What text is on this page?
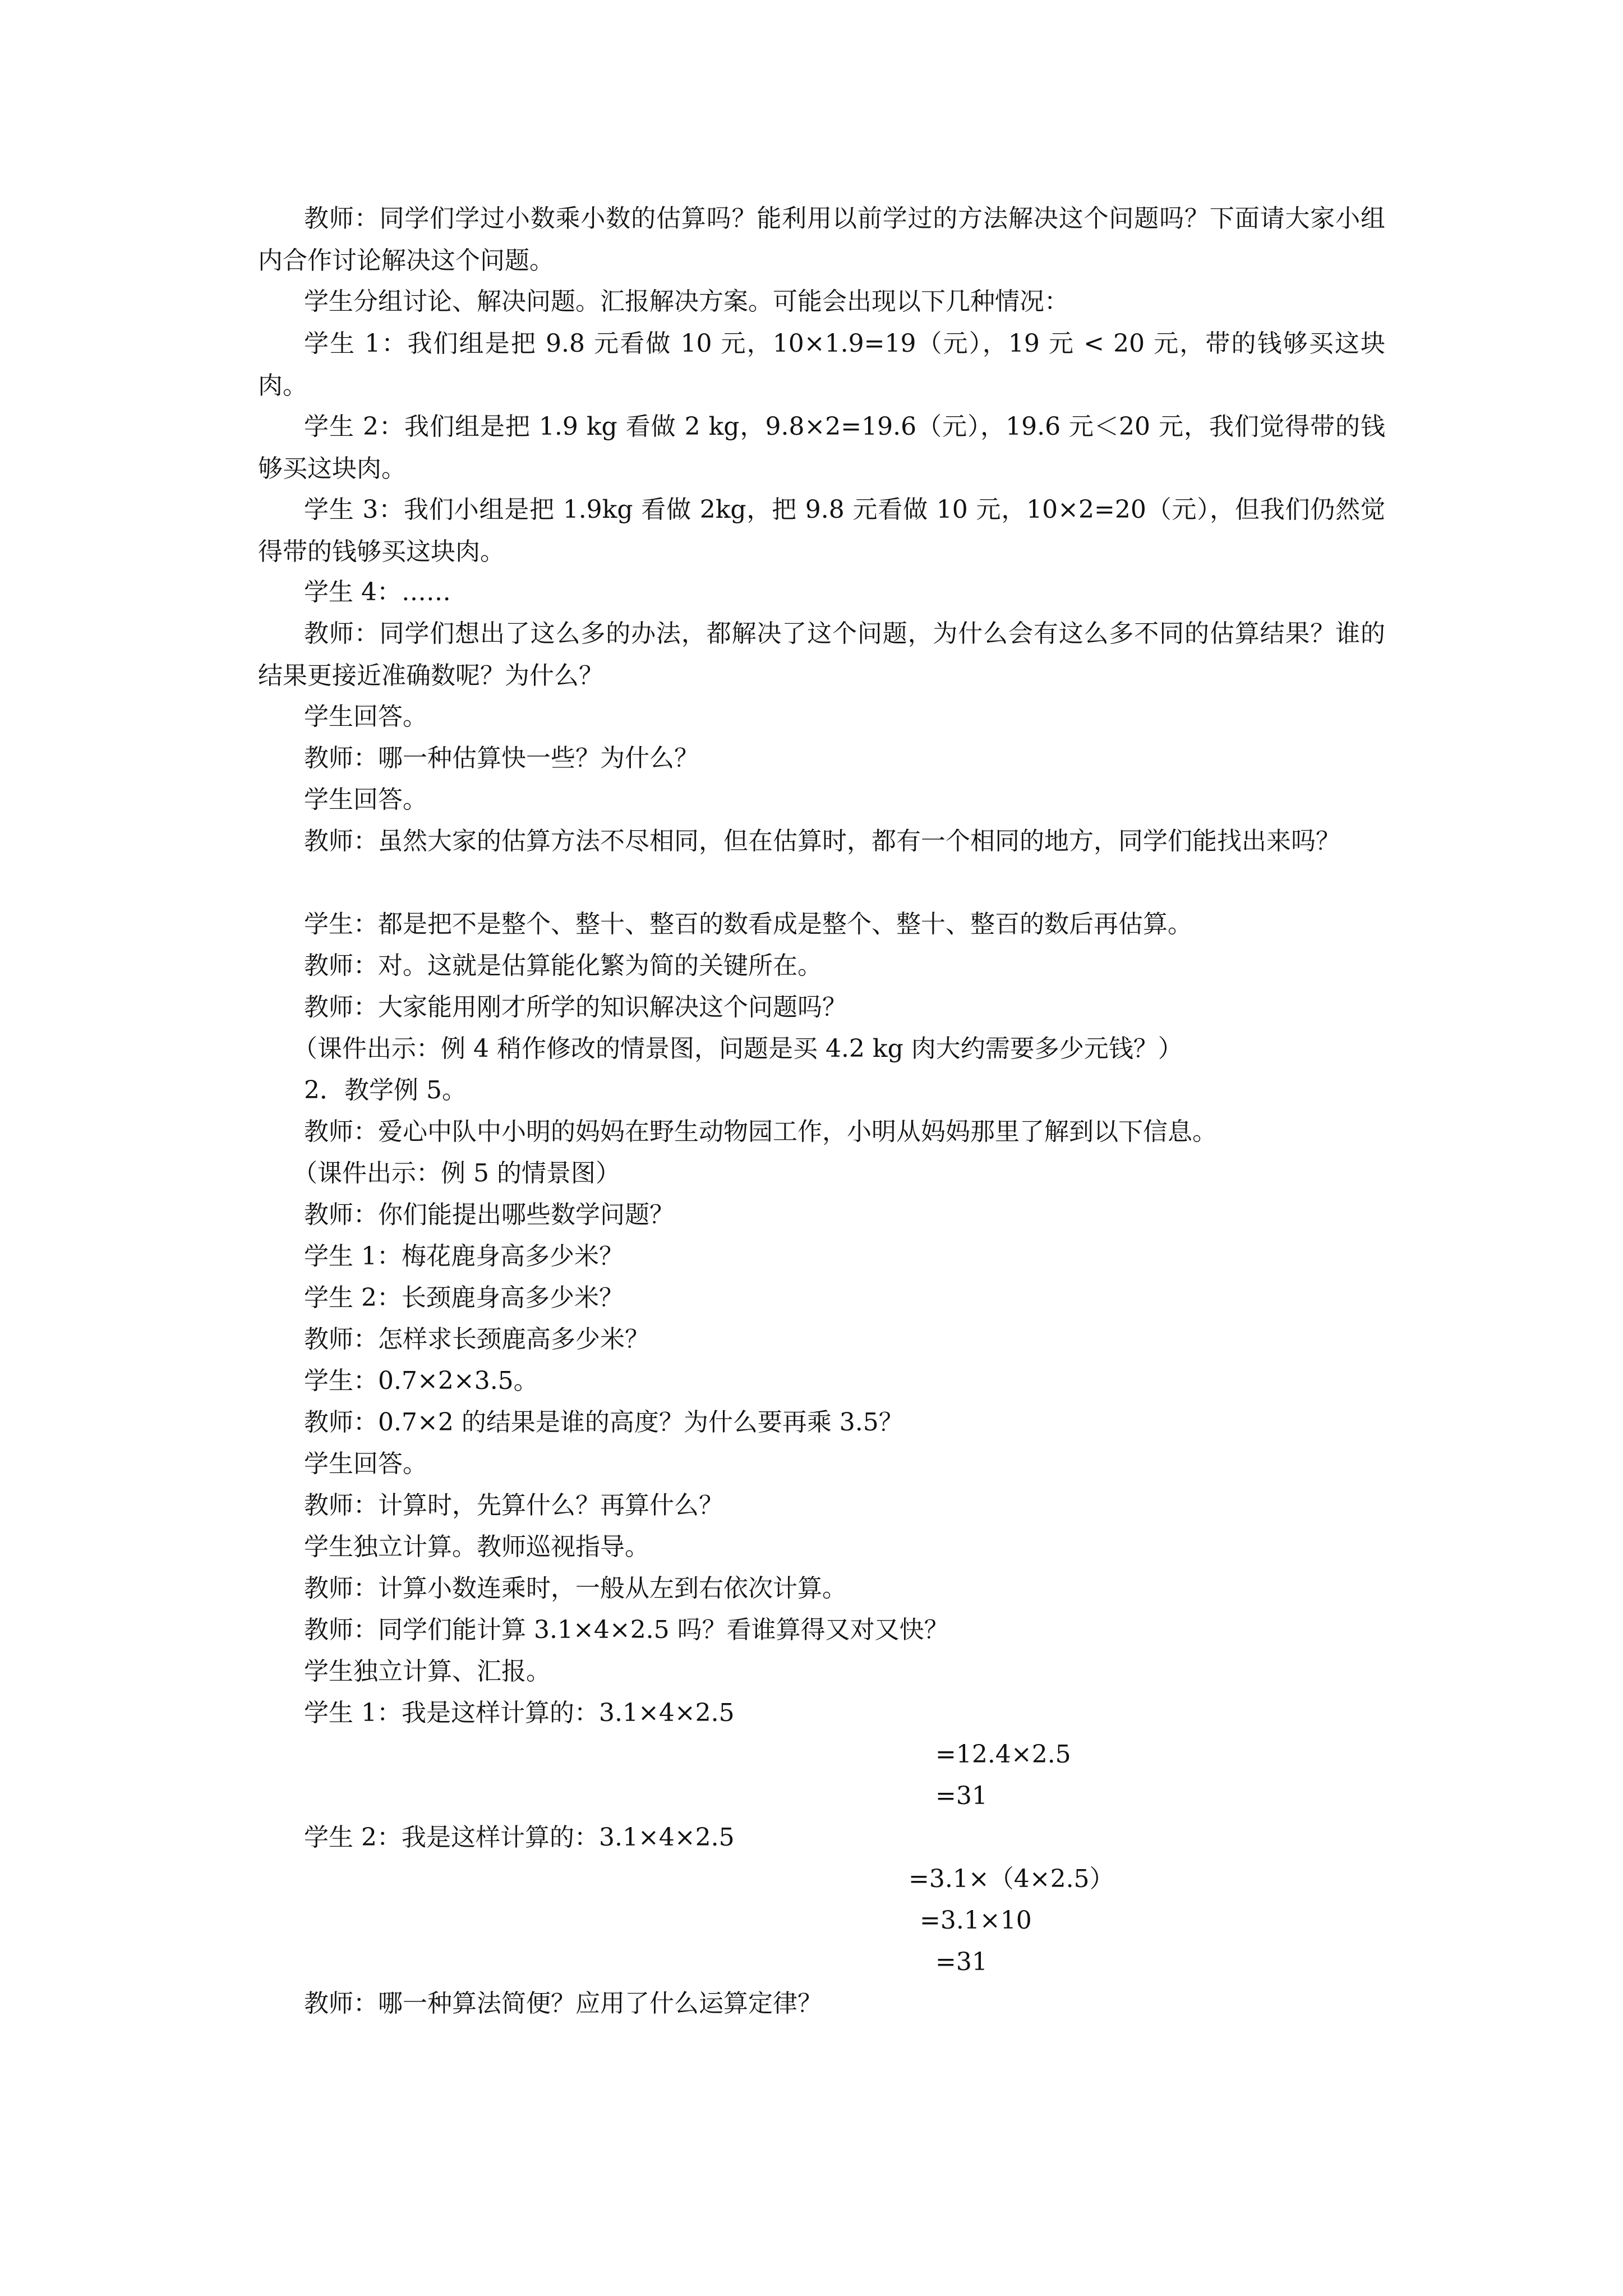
教师：同学们学过小数乘小数的估算吗？能利用以前学过的方法解决这个问题吗？下面请大家小组内合作讨论解决这个问题。

学生分组讨论、解决问题。汇报解决方案。可能会出现以下几种情况：

学生 1：我们组是把 9.8 元看做 10 元，10×1.9=19（元），19 元 < 20 元，带的钱够买这块肉。

学生 2：我们组是把 1.9 kg 看做 2 kg，9.8×2=19.6（元），19.6 元＜20 元，我们觉得带的钱够买这块肉。

学生 3：我们小组是把 1.9kg 看做 2kg，把 9.8 元看做 10 元，10×2=20（元），但我们仍然觉得带的钱够买这块肉。

学生 4：……

教师：同学们想出了这么多的办法，都解决了这个问题，为什么会有这么多不同的估算结果？谁的结果更接近准确数呢？为什么？

学生回答。

教师：哪一种估算快一些？为什么？

学生回答。

教师：虽然大家的估算方法不尽相同，但在估算时，都有一个相同的地方，同学们能找出来吗？

学生：都是把不是整个、整十、整百的数看成是整个、整十、整百的数后再估算。

教师：对。这就是估算能化繁为简的关键所在。

教师：大家能用刚才所学的知识解决这个问题吗？

（课件出示：例 4 稍作修改的情景图，问题是买 4.2 kg 肉大约需要多少元钱？）

2．教学例 5。

教师：爱心中队中小明的妈妈在野生动物园工作，小明从妈妈那里了解到以下信息。

（课件出示：例 5 的情景图）

教师：你们能提出哪些数学问题？

学生 1：梅花鹿身高多少米？

学生 2：长颈鹿身高多少米？

教师：怎样求长颈鹿高多少米？

学生：0.7×2×3.5。

教师：0.7×2 的结果是谁的高度？为什么要再乘 3.5？

学生回答。

教师：计算时，先算什么？再算什么？

学生独立计算。教师巡视指导。

教师：计算小数连乘时，一般从左到右依次计算。

教师：同学们能计算 3.1×4×2.5 吗？看谁算得又对又快？

学生独立计算、汇报。

学生 1：我是这样计算的：3.1×4×2.5

=12.4×2.5

=31

学生 2：我是这样计算的：3.1×4×2.5

=3.1×（4×2.5）

=3.1×10

=31

教师：哪一种算法简便？应用了什么运算定律？
